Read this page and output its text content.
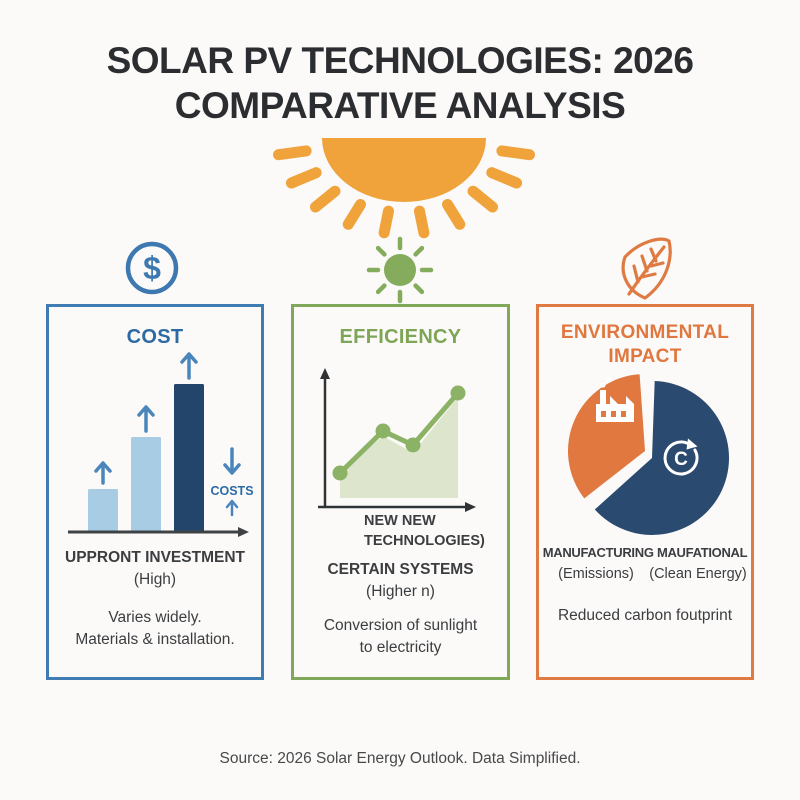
SOLAR PV TECHNOLOGIES: 2026
COMPARATIVE ANALYSIS
$
COST
COSTS
UPPRONT INVESTMENT
(High)
Varies widely.
Materials & installation.
EFFICIENCY
NEW NEW
TECHNOLOGIES)
CERTAIN SYSTEMS
(Higher n)
Conversion of sunlight
to electricity
ENVIRONMENTAL
IMPACT
C
MANUFACTURING MAUFATIONAL
(Emissions)	(Clean Energy)
Reduced carbon foutprint
Source: 2026 Solar Energy Outlook. Data Simplified.
